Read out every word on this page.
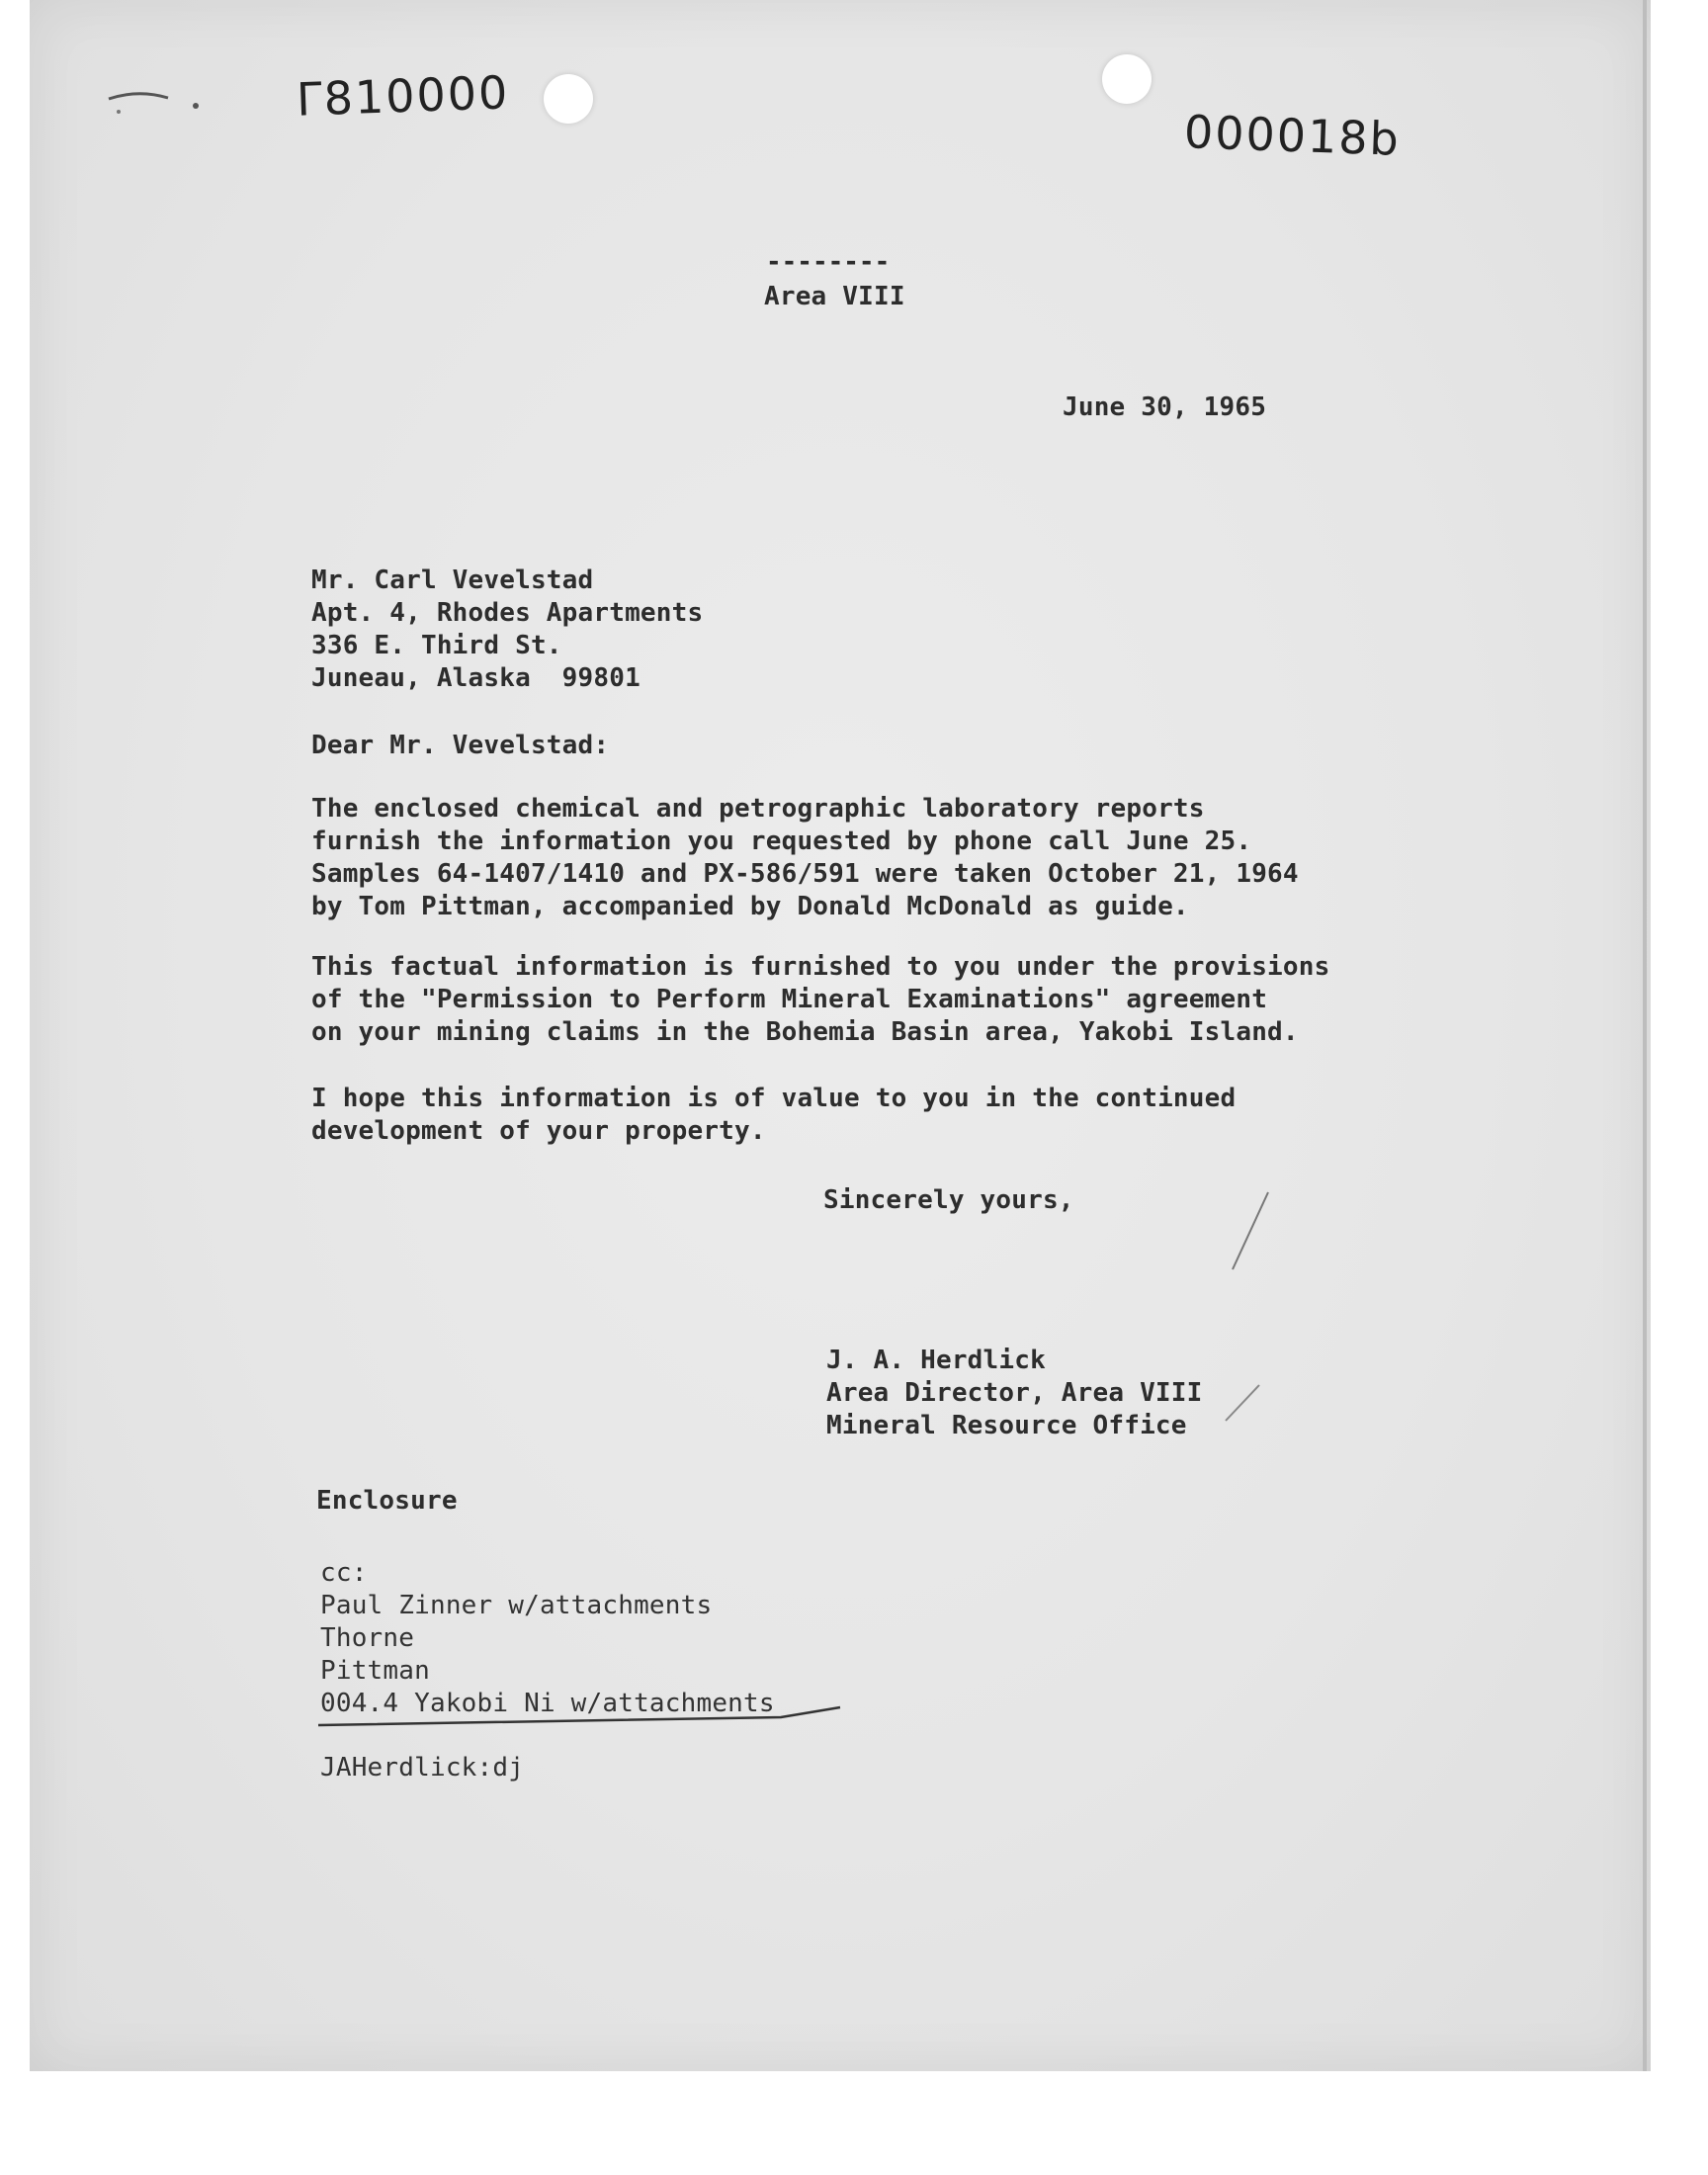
Γ810000
000018b
--------
Area VIII
June 30, 1965
Mr. Carl Vevelstad
Apt. 4, Rhodes Apartments
336 E. Third St.
Juneau, Alaska  99801
Dear Mr. Vevelstad:
The enclosed chemical and petrographic laboratory reports
furnish the information you requested by phone call June 25.
Samples 64-1407/1410 and PX-586/591 were taken October 21, 1964
by Tom Pittman, accompanied by Donald McDonald as guide.
This factual information is furnished to you under the provisions
of the "Permission to Perform Mineral Examinations" agreement
on your mining claims in the Bohemia Basin area, Yakobi Island.
I hope this information is of value to you in the continued
development of your property.
Sincerely yours,
J. A. Herdlick
Area Director, Area VIII
Mineral Resource Office
Enclosure
cc:
Paul Zinner w/attachments
Thorne
Pittman
004.4 Yakobi Ni w/attachments
JAHerdlick:dj
